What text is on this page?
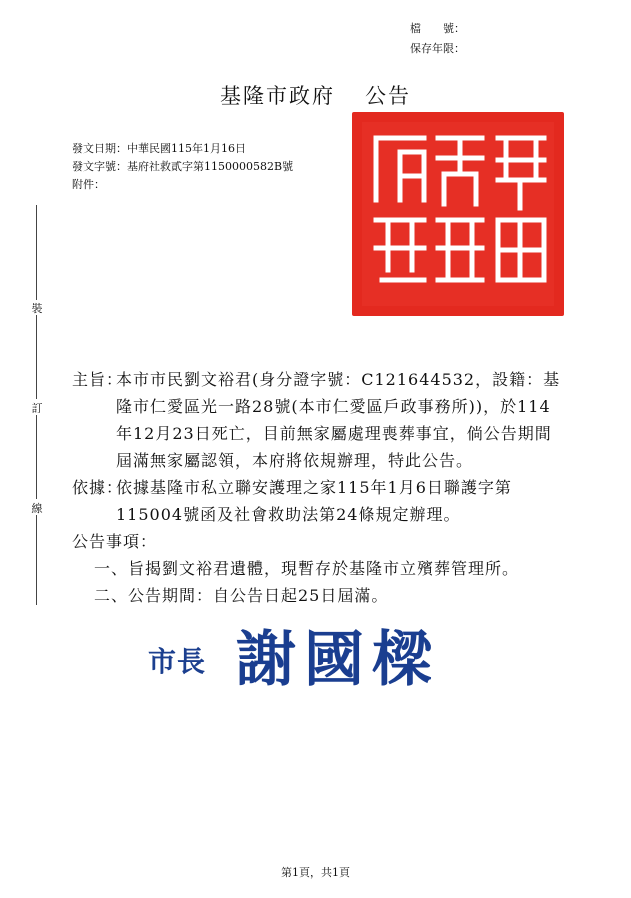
檔　　號：
保存年限：
基隆市政府 公告
發文日期：中華民國115年1月16日
發文字號：基府社救貳字第1150000582B號
附件：
裝
訂
線
主旨：
本市市民劉文裕君(身分證字號：C121644532，設籍：基
隆市仁愛區光一路28號(本市仁愛區戶政事務所))，於114
年12月23日死亡，目前無家屬處理喪葬事宜，倘公告期間
屆滿無家屬認領，本府將依規辦理，特此公告。
依據：
依據基隆市私立聯安護理之家115年1月6日聯護字第
115004號函及社會救助法第24條規定辦理。
公告事項：
一、旨揭劉文裕君遺體，現暫存於基隆市立殯葬管理所。
二、公告期間：自公告日起25日屆滿。
市長 謝國樑
第1頁，共1頁
